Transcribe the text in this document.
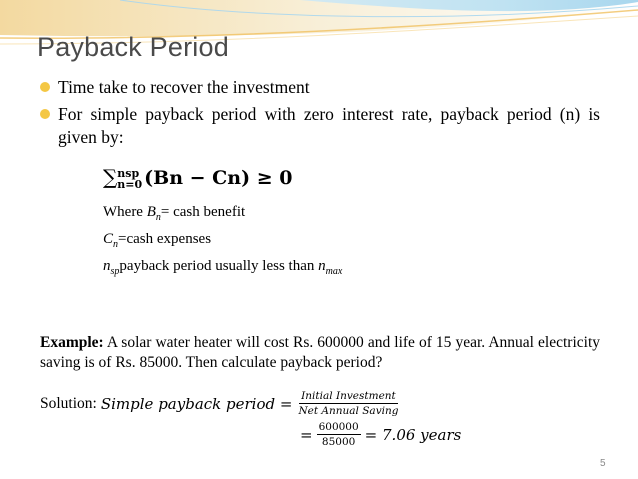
Payback Period
Time take to recover the investment
For simple payback period with zero interest rate, payback period (n) is given by:
∑ nsp
n=0 (Bn − Cn) ≥ 0
Where $B_n=$ cash benefit
$C_n=cash$ expenses
$n_{sp}payback$ period usually less than $n_{max}$
Example: A solar water heater will cost Rs. 600000 and life of 15 year. Annual electricity saving is of Rs. 85000. Then calculate payback period?
Solution: Simple payback period = $\frac{\text{Initial Investment}}{\text{Net Annual Saving}}$
= $\frac{600000}{85000} = 7.06$ years
5
